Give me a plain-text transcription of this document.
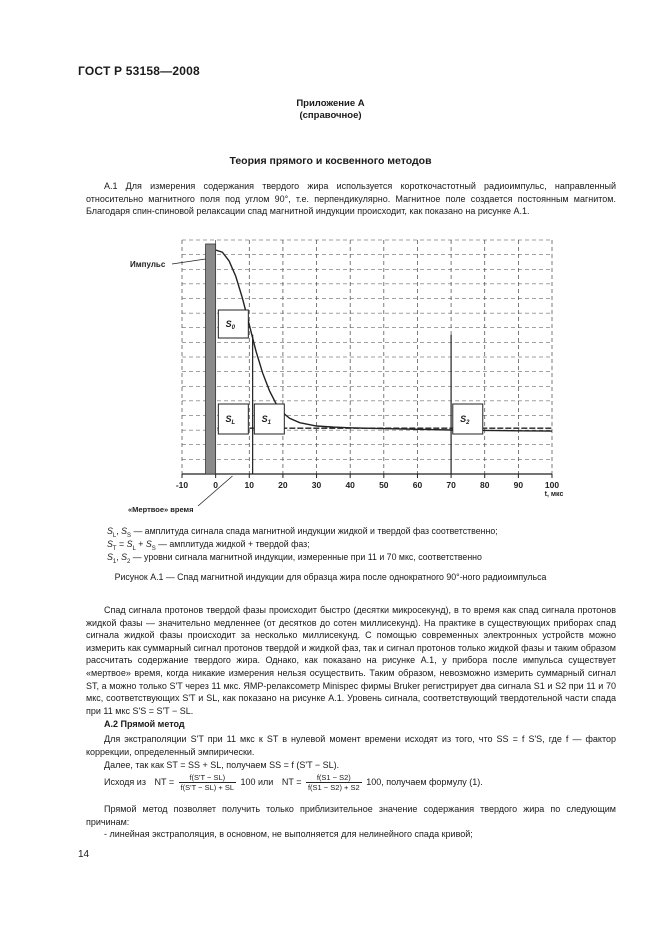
ГОСТ Р 53158—2008
Приложение А
(справочное)
Теория прямого и косвенного методов
А.1 Для измерения содержания твердого жира используется короткочастотный радиоимпульс, направленный относительно магнитного поля под углом 90°, т.е. перпендикулярно. Магнитное поле создается постоянным магнитом. Благодаря спин-спиновой релаксации спад магнитной индукции происходит, как показано на рисунке А.1.
-10	0	10	20	30	40	50	60	70	80	90	100
t, мкс
$S_0$
$S_L$	$S_1$	$S_2$
Импульс
«Мертвое» время
$S_L$, $S_S$ — амплитуда сигнала спада магнитной индукции жидкой и твердой фаз соответственно;
$S_T = S_L + S_S$ — амплитуда жидкой + твердой фаз;
$S_1$, $S_2$ — уровни сигнала магнитной индукции, измеренные при 11 и 70 мкс, соответственно
Рисунок А.1 — Спад магнитной индукции для образца жира после однократного 90°-ного радиоимпульса
Спад сигнала протонов твердой фазы происходит быстро (десятки микросекунд), в то время как спад сигнала протонов жидкой фазы — значительно медленнее (от десятков до сотен миллисекунд). На практике в существующих приборах спад сигнала жидкой фазы происходит за несколько миллисекунд. С помощью современных электронных устройств можно измерить как суммарный сигнал протонов твердой и жидкой фаз, так и сигнал протонов только жидкой фазы и таким образом рассчитать содержание твердого жира. Однако, как показано на рисунке А.1, у прибора после импульса существует «мертвое» время, когда никакие измерения нельзя осуществить. Таким образом, невозможно измерить суммарный сигнал ST, а можно только S'T через 11 мкс. ЯМР-релаксометр Minispec фирмы Bruker регистрирует два сигнала S1 и S2 при 11 и 70 мкс, соответствующих S'T и SL, как показано на рисунке А.1. Уровень сигнала, соответствующий твердотельной части спада при 11 мкс S'S = S'T − SL.
А.2 Прямой метод
Для экстраполяции S'T при 11 мкс к ST в нулевой момент времени исходят из того, что SS = f S'S, где f — фактор коррекции, определенный эмпирически.
Далее, так как ST = SS + SL, получаем SS = f (S'T − SL).
Исходя из NT = $\frac{f(S'T - SL)}{f(S'T - SL) + SL} 100$ или NT = $\frac{f(S1 - S2)}{f(S1 - S2) + S2} 100$, получаем формулу (1).
Прямой метод позволяет получить только приблизительное значение содержания твердого жира по следующим причинам:
- линейная экстраполяция, в основном, не выполняется для нелинейного спада кривой;
14
